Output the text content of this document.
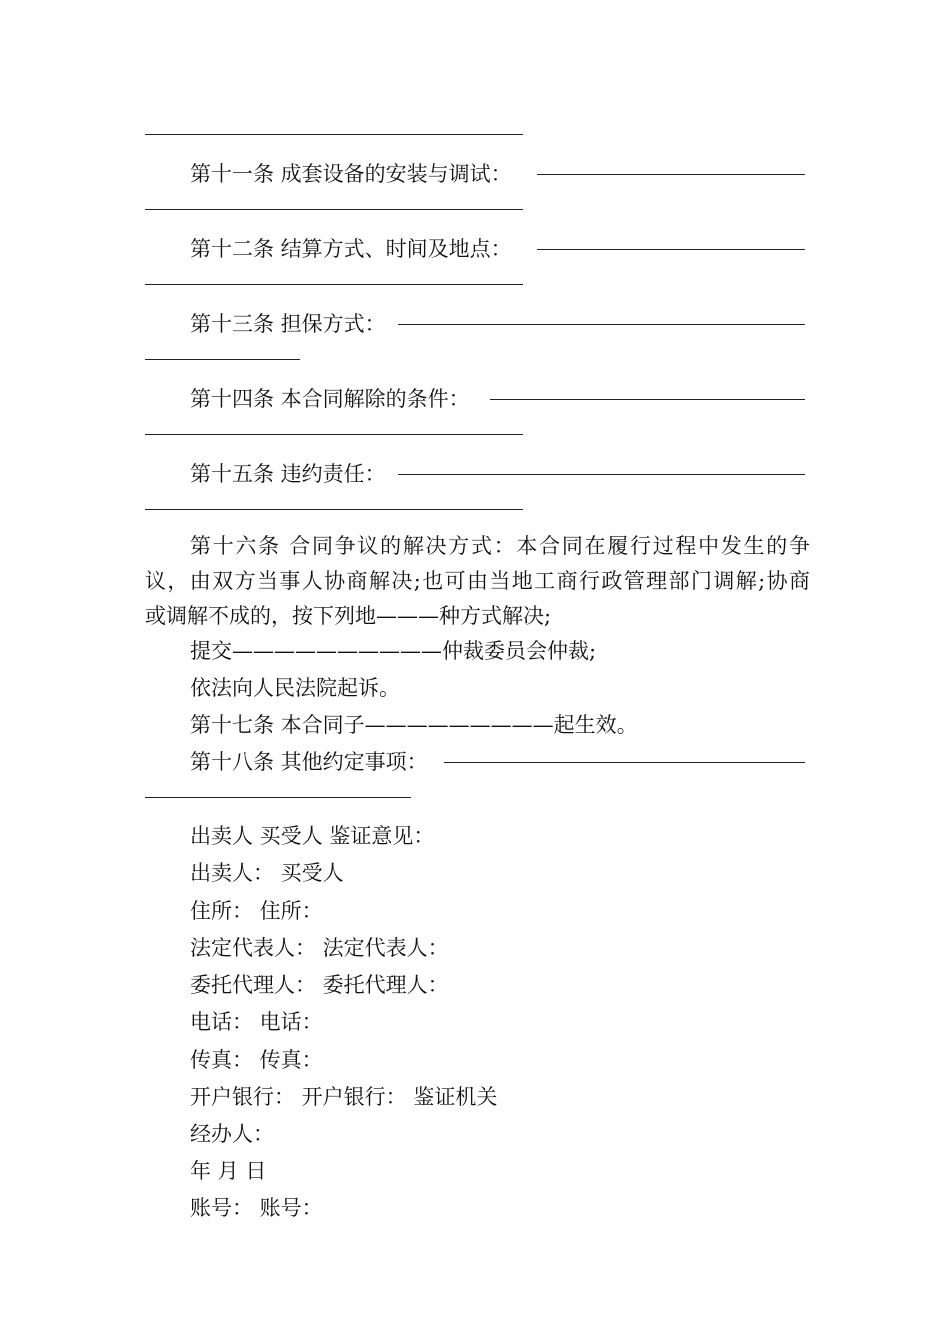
第十一条 成套设备的安装与调试：
第十二条 结算方式、时间及地点：
第十三条 担保方式：
第十四条 本合同解除的条件：
第十五条 违约责任：
第十六条 合同争议的解决方式：本合同在履行过程中发生的争
议，由双方当事人协商解决;也可由当地工商行政管理部门调解;协商
或调解不成的，按下列地———种方式解决;
提交——————————仲裁委员会仲裁;
依法向人民法院起诉。
第十七条 本合同子—————————起生效。
第十八条 其他约定事项：
出卖人 买受人 鉴证意见：
出卖人： 买受人
住所： 住所：
法定代表人： 法定代表人：
委托代理人： 委托代理人：
电话： 电话：
传真： 传真：
开户银行： 开户银行： 鉴证机关
经办人：
年 月 日
账号： 账号：
